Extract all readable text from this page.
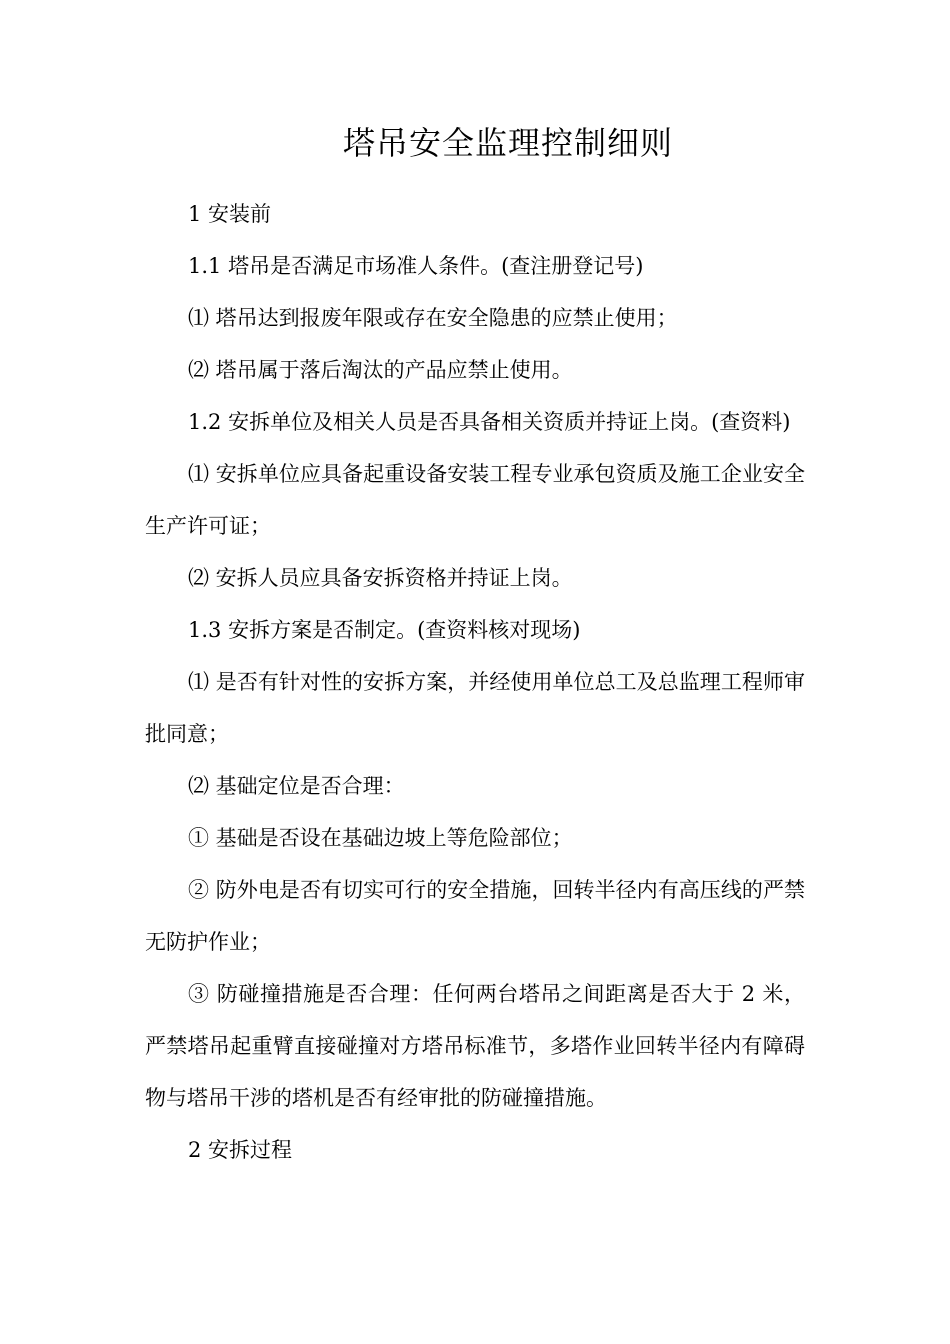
塔吊安全监理控制细则

1 安装前

1.1 塔吊是否满足市场准人条件。(查注册登记号)

⑴ 塔吊达到报废年限或存在安全隐患的应禁止使用；

⑵ 塔吊属于落后淘汰的产品应禁止使用。

1.2 安拆单位及相关人员是否具备相关资质并持证上岗。(查资料)

⑴ 安拆单位应具备起重设备安装工程专业承包资质及施工企业安全生产许可证；

⑵ 安拆人员应具备安拆资格并持证上岗。

1.3 安拆方案是否制定。(查资料核对现场)

⑴ 是否有针对性的安拆方案，并经使用单位总工及总监理工程师审批同意；

⑵ 基础定位是否合理：

① 基础是否设在基础边坡上等危险部位；

② 防外电是否有切实可行的安全措施，回转半径内有高压线的严禁无防护作业；

③ 防碰撞措施是否合理：任何两台塔吊之间距离是否大于 2 米，严禁塔吊起重臂直接碰撞对方塔吊标准节，多塔作业回转半径内有障碍物与塔吊干涉的塔机是否有经审批的防碰撞措施。

2 安拆过程
